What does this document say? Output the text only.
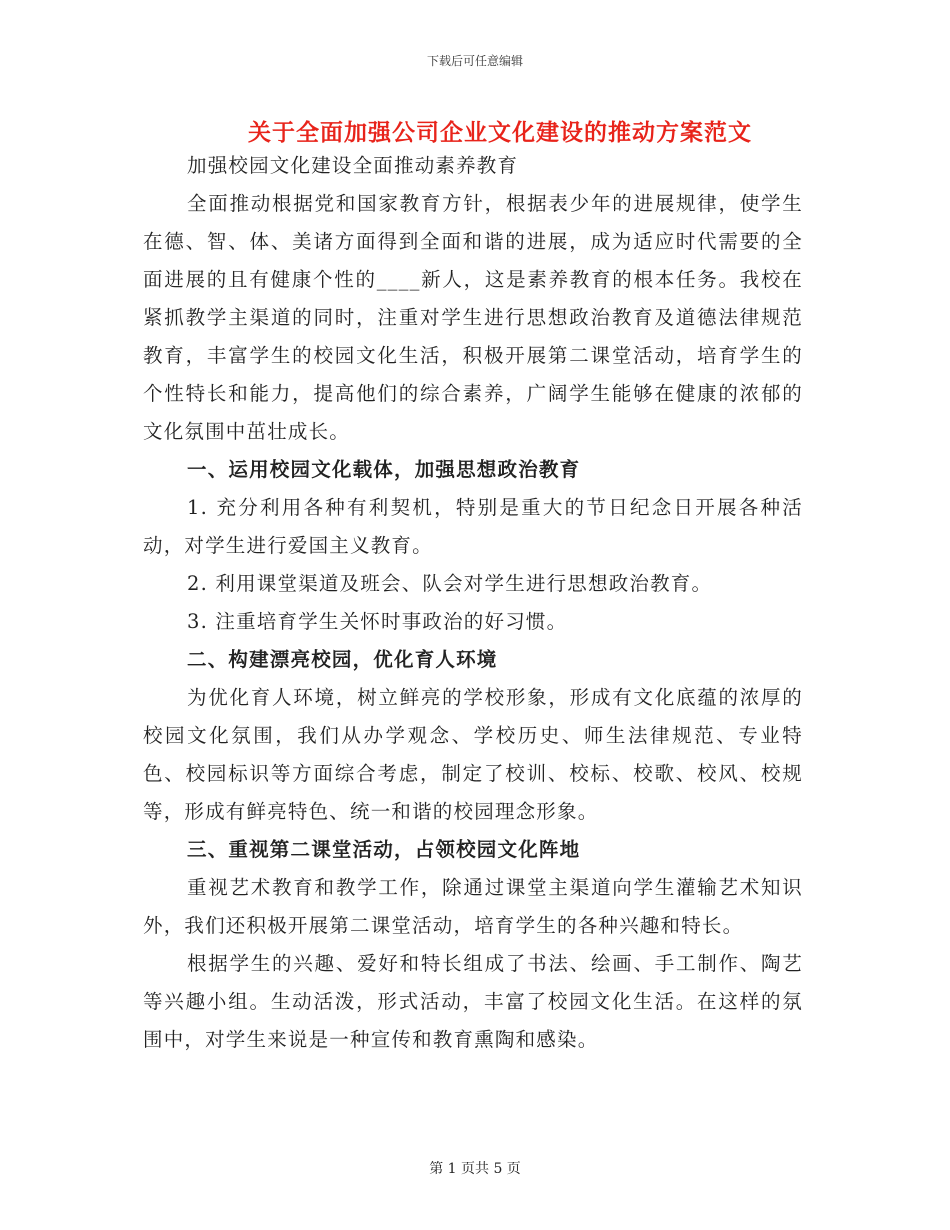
下载后可任意编辑
关于全面加强公司企业文化建设的推动方案范文

加强校园文化建设全面推动素养教育

全面推动根据党和国家教育方针，根据表少年的进展规律，使学生在德、智、体、美诸方面得到全面和谐的进展，成为适应时代需要的全面进展的且有健康个性的____新人，这是素养教育的根本任务。我校在紧抓教学主渠道的同时，注重对学生进行思想政治教育及道德法律规范教育，丰富学生的校园文化生活，积极开展第二课堂活动，培育学生的个性特长和能力，提高他们的综合素养，广阔学生能够在健康的浓郁的文化氛围中茁壮成长。

一、运用校园文化载体，加强思想政治教育

1. 充分利用各种有利契机，特别是重大的节日纪念日开展各种活动，对学生进行爱国主义教育。

2. 利用课堂渠道及班会、队会对学生进行思想政治教育。

3. 注重培育学生关怀时事政治的好习惯。

二、构建漂亮校园，优化育人环境

为优化育人环境，树立鲜亮的学校形象，形成有文化底蕴的浓厚的校园文化氛围，我们从办学观念、学校历史、师生法律规范、专业特色、校园标识等方面综合考虑，制定了校训、校标、校歌、校风、校规等，形成有鲜亮特色、统一和谐的校园理念形象。

三、重视第二课堂活动，占领校园文化阵地

重视艺术教育和教学工作，除通过课堂主渠道向学生灌输艺术知识外，我们还积极开展第二课堂活动，培育学生的各种兴趣和特长。

根据学生的兴趣、爱好和特长组成了书法、绘画、手工制作、陶艺等兴趣小组。生动活泼，形式活动，丰富了校园文化生活。在这样的氛围中，对学生来说是一种宣传和教育熏陶和感染。

第 1 页共 5 页
